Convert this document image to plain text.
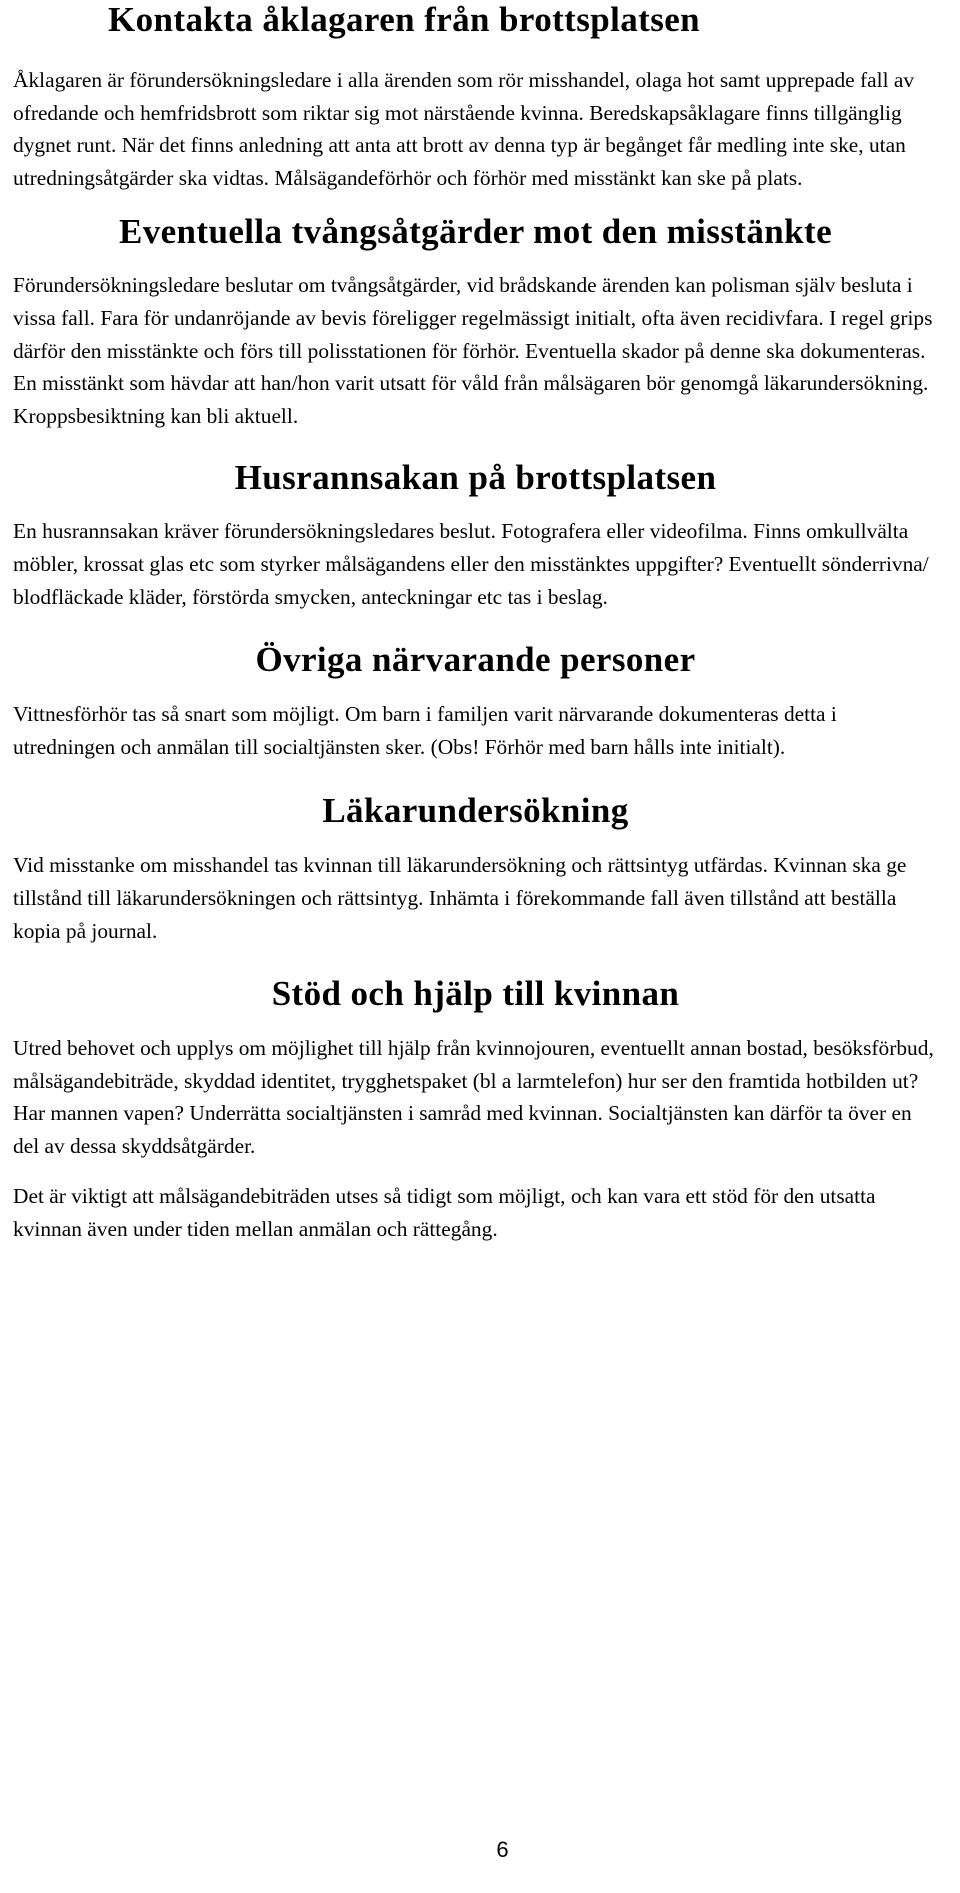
Kontakta åklagaren från brottsplatsen

Åklagaren är förundersökningsledare i alla ärenden som rör misshandel, olaga hot samt upprepade fall av ofredande och hemfridsbrott som riktar sig mot närstående kvinna. Beredskapsåklagare finns tillgänglig dygnet runt. När det finns anledning att anta att brott av denna typ är begånget får medling inte ske, utan utredningsåtgärder ska vidtas. Målsägandeförhör och förhör med misstänkt kan ske på plats.

Eventuella tvångsåtgärder mot den misstänkte

Förundersökningsledare beslutar om tvångsåtgärder, vid brådskande ärenden kan polisman själv besluta i vissa fall. Fara för undanröjande av bevis föreligger regelmässigt initialt, ofta även recidivfara. I regel grips därför den misstänkte och förs till polisstationen för förhör. Eventuella skador på denne ska dokumenteras. En misstänkt som hävdar att han/hon varit utsatt för våld från målsägaren bör genomgå läkarundersökning. Kroppsbesiktning kan bli aktuell.

Husrannsakan på brottsplatsen

En husrannsakan kräver förundersökningsledares beslut. Fotografera eller videofilma. Finns omkullvälta möbler, krossat glas etc som styrker målsägandens eller den misstänktes uppgifter? Eventuellt sönderrivna/ blodfläckade kläder, förstörda smycken, anteckningar etc tas i beslag.

Övriga närvarande personer

Vittnesförhör tas så snart som möjligt. Om barn i familjen varit närvarande dokumenteras detta i utredningen och anmälan till socialtjänsten sker. (Obs! Förhör med barn hålls inte initialt).

Läkarundersökning

Vid misstanke om misshandel tas kvinnan till läkarundersökning och rättsintyg utfärdas. Kvinnan ska ge tillstånd till läkarundersökningen och rättsintyg. Inhämta i förekommande fall även tillstånd att beställa kopia på journal.

Stöd och hjälp till kvinnan

Utred behovet och upplys om möjlighet till hjälp från kvinnojouren, eventuellt annan bostad, besöksförbud, målsägandebiträde, skyddad identitet, trygghetspaket (bl a larmtelefon) hur ser den framtida hotbilden ut? Har mannen vapen? Underrätta socialtjänsten i samråd med kvinnan. Socialtjänsten kan därför ta över en del av dessa skyddsåtgärder.

Det är viktigt att målsägandebiträden utses så tidigt som möjligt, och kan vara ett stöd för den utsatta kvinnan även under tiden mellan anmälan och rättegång.

6
